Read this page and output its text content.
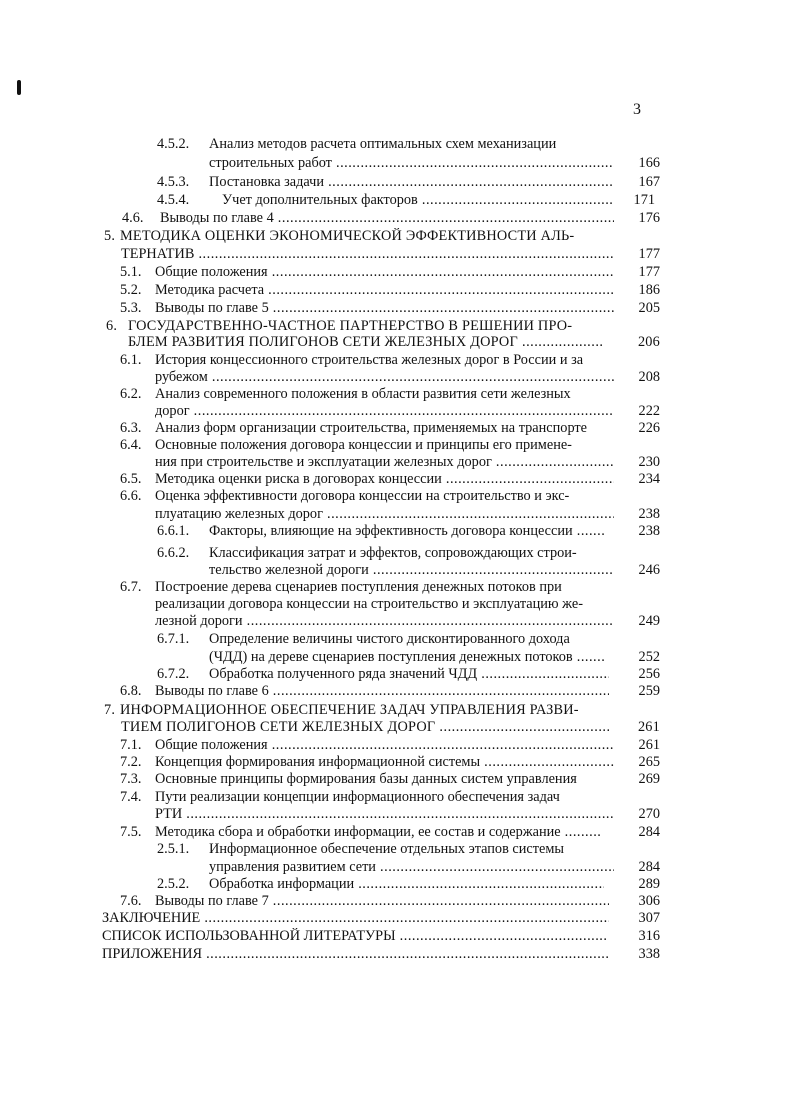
3
4.5.2. Анализ методов расчета оптимальных схем механизации
строительных работ .....	166
4.5.3. Постановка задачи .....	167
4.5.4. Учет дополнительных факторов .....	171
4.6. Выводы по главе 4 .....	176
5. МЕТОДИКА ОЦЕНКИ ЭКОНОМИЧЕСКОЙ ЭФФЕКТИВНОСТИ АЛЬ-
ТЕРНАТИВ .....	177
5.1. Общие положения .....	177
5.2. Методика расчета .....	186
5.3. Выводы по главе 5 .....	205
6. ГОСУДАРСТВЕННО-ЧАСТНОЕ ПАРТНЕРСТВО В РЕШЕНИИ ПРО-
БЛЕМ РАЗВИТИЯ ПОЛИГОНОВ СЕТИ ЖЕЛЕЗНЫХ ДОРОГ .....	206
6.1. История концессионного строительства железных дорог в России и за
рубежом .....	208
6.2. Анализ современного положения в области развития сети железных
дорог .....	222
6.3. Анализ форм организации строительства, применяемых на транспорте	226
6.4. Основные положения договора концессии и принципы его примене-
ния при строительстве и эксплуатации железных дорог .....	230
6.5. Методика оценки риска в договорах концессии .....	234
6.6. Оценка эффективности договора концессии на строительство и экс-
плуатацию железных дорог .....	238
6.6.1. Факторы, влияющие на эффективность договора концессии .....	238
6.6.2. Классификация затрат и эффектов, сопровождающих строи-
тельство железной дороги .....	246
6.7. Построение дерева сценариев поступления денежных потоков при
реализации договора концессии на строительство и эксплуатацию же-
лезной дороги .....	249
6.7.1. Определение величины чистого дисконтированного дохода
(ЧДД) на дереве сценариев поступления денежных потоков .....	252
6.7.2. Обработка полученного ряда значений ЧДД .....	256
6.8. Выводы по главе 6 .....	259
7. ИНФОРМАЦИОННОЕ ОБЕСПЕЧЕНИЕ ЗАДАЧ УПРАВЛЕНИЯ РАЗВИ-
ТИЕМ ПОЛИГОНОВ СЕТИ ЖЕЛЕЗНЫХ ДОРОГ .....	261
7.1. Общие положения .....	261
7.2. Концепция формирования информационной системы .....	265
7.3. Основные принципы формирования базы данных систем управления	269
7.4. Пути реализации концепции информационного обеспечения задач
РТИ .....	270
7.5. Методика сбора и обработки информации, ее состав и содержание .....	284
2.5.1. Информационное обеспечение отдельных этапов системы
управления развитием сети .....	284
2.5.2. Обработка информации .....	289
7.6. Выводы по главе 7 .....	306
ЗАКЛЮЧЕНИЕ .....	307
СПИСОК ИСПОЛЬЗОВАННОЙ ЛИТЕРАТУРЫ .....	316
ПРИЛОЖЕНИЯ .....	338
